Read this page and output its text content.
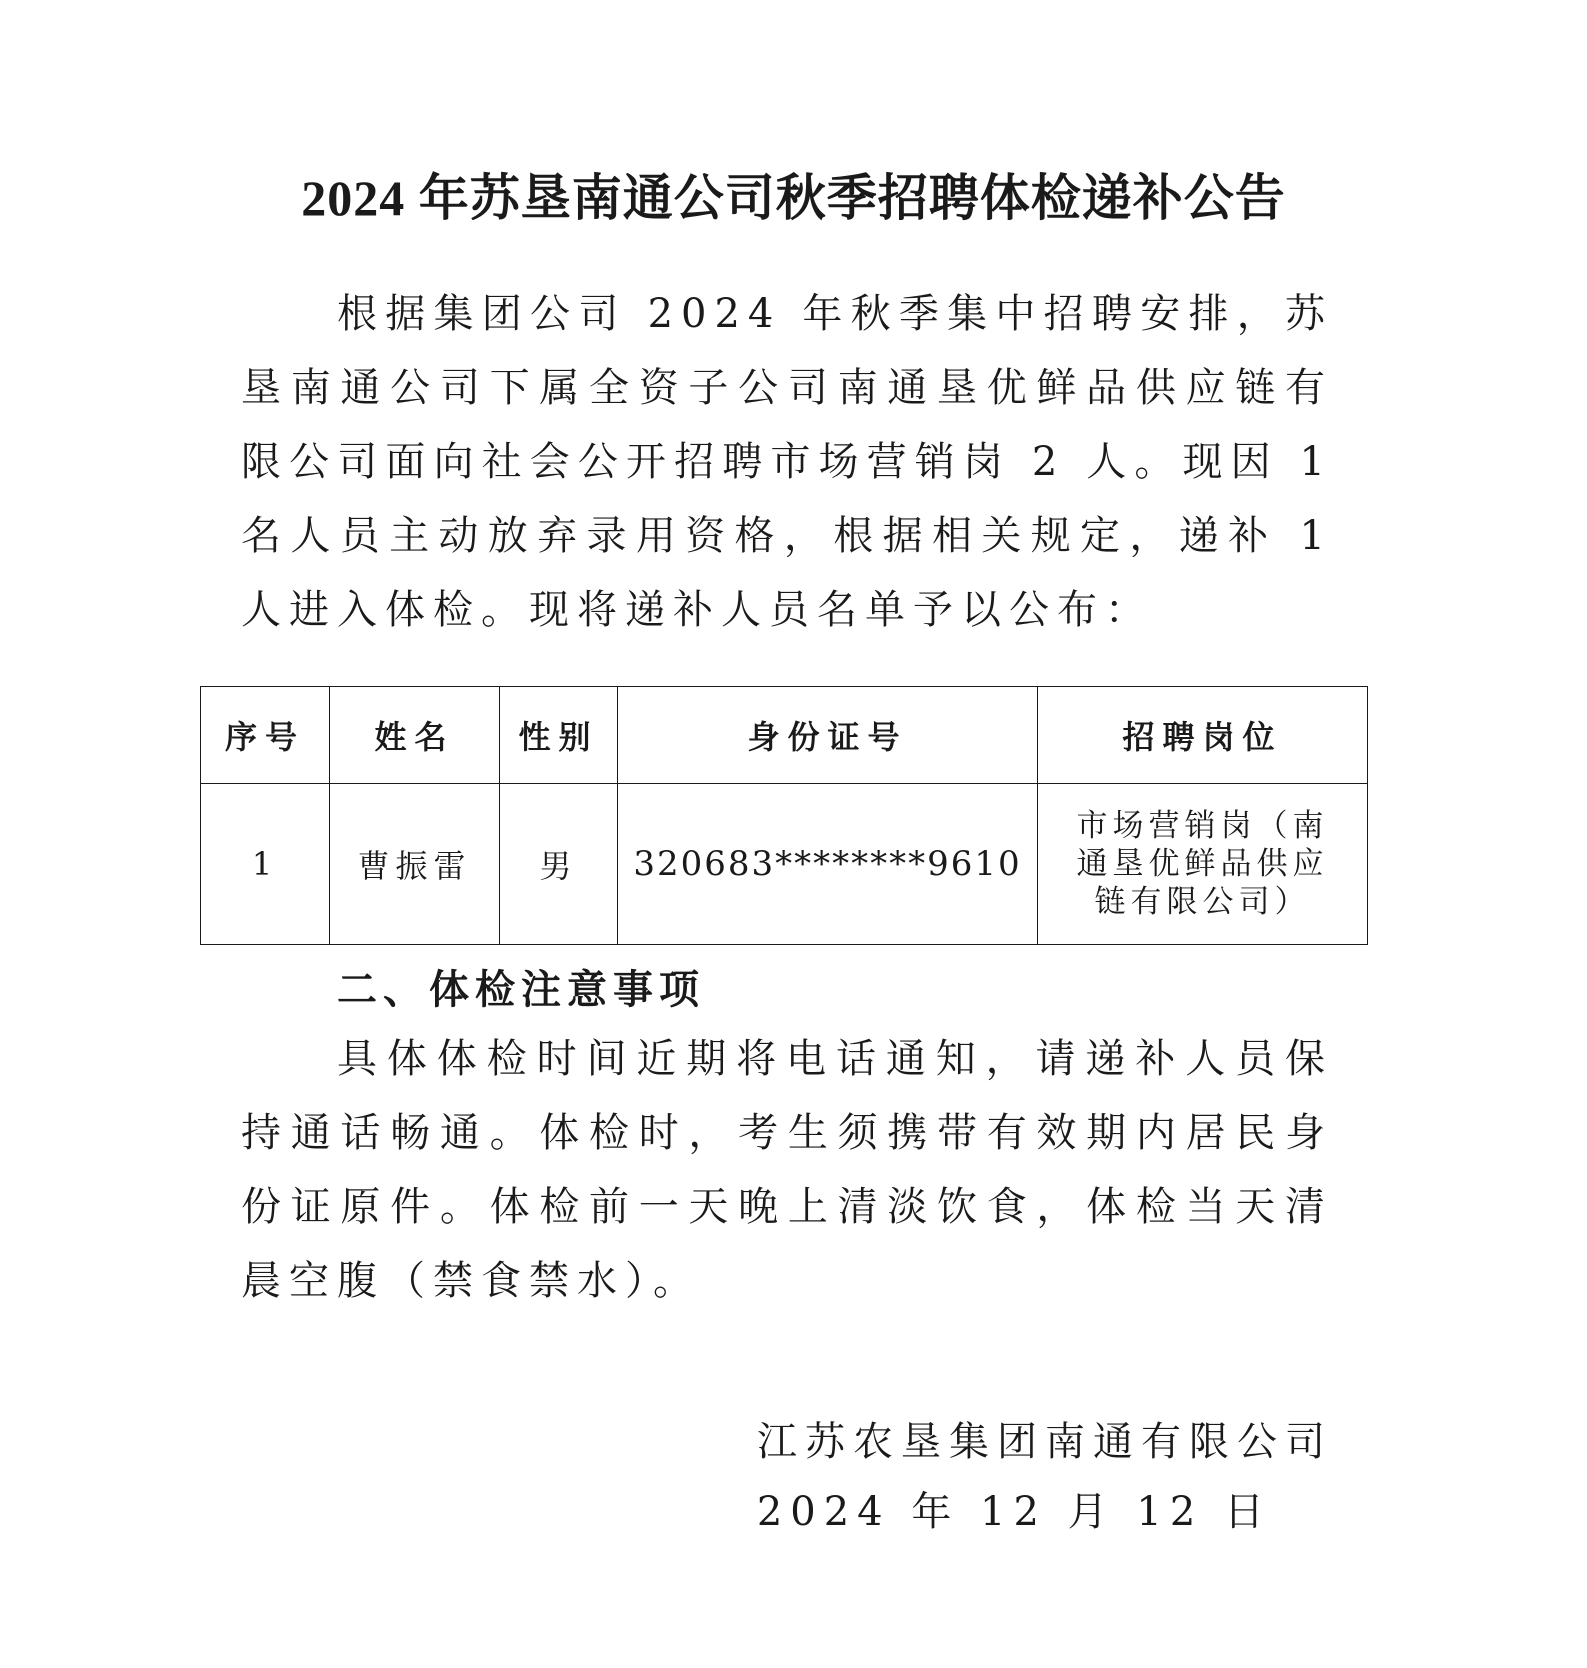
2024 年苏垦南通公司秋季招聘体检递补公告

根据集团公司 2024 年秋季集中招聘安排，苏垦南通公司下属全资子公司南通垦优鲜品供应链有限公司面向社会公开招聘市场营销岗 2 人。现因 1 名人员主动放弃录用资格，根据相关规定，递补 1 人进入体检。现将递补人员名单予以公布：

序号	姓名	性别	身份证号	招聘岗位
1	曹振雷	男	320683********9610	市场营销岗（南通垦优鲜品供应链有限公司）
二、体检注意事项

具体体检时间近期将电话通知，请递补人员保持通话畅通。体检时，考生须携带有效期内居民身份证原件。体检前一天晚上清淡饮食，体检当天清晨空腹（禁食禁水）。

江苏农垦集团南通有限公司
2024 年 12 月 12 日
